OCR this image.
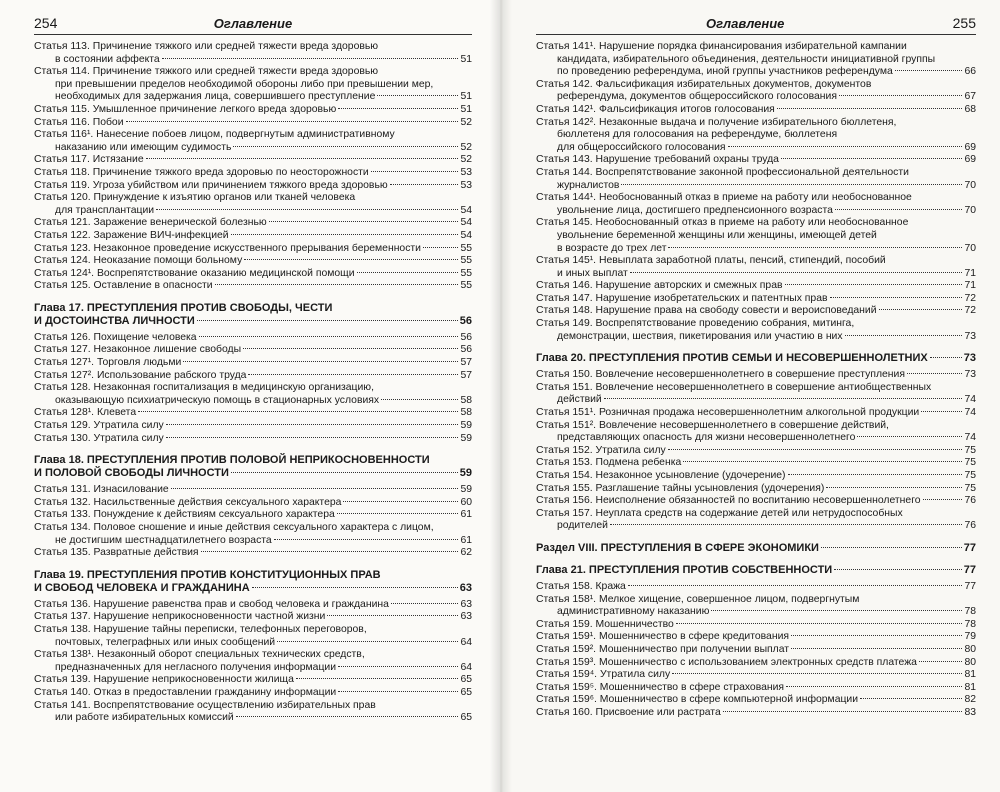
254	Оглавление
Статья 113. Причинение тяжкого или средней тяжести вреда здоровью
в состоянии аффекта	51
Статья 114. Причинение тяжкого или средней тяжести вреда здоровью
при превышении пределов необходимой обороны либо при превышении мер,
необходимых для задержания лица, совершившего преступление	51
Статья 115. Умышленное причинение легкого вреда здоровью	51
Статья 116. Побои	52
Статья 116¹. Нанесение побоев лицом, подвергнутым административному
наказанию или имеющим судимость	52
Статья 117. Истязание	52
Статья 118. Причинение тяжкого вреда здоровью по неосторожности	53
Статья 119. Угроза убийством или причинением тяжкого вреда здоровью	53
Статья 120. Принуждение к изъятию органов или тканей человека
для трансплантации	54
Статья 121. Заражение венерической болезнью	54
Статья 122. Заражение ВИЧ-инфекцией	54
Статья 123. Незаконное проведение искусственного прерывания беременности	55
Статья 124. Неоказание помощи больному	55
Статья 124¹. Воспрепятствование оказанию медицинской помощи	55
Статья 125. Оставление в опасности	55
Глава 17. ПРЕСТУПЛЕНИЯ ПРОТИВ СВОБОДЫ, ЧЕСТИ
И ДОСТОИНСТВА ЛИЧНОСТИ	56
Статья 126. Похищение человека	56
Статья 127. Незаконное лишение свободы	56
Статья 127¹. Торговля людьми	57
Статья 127². Использование рабского труда	57
Статья 128. Незаконная госпитализация в медицинскую организацию,
оказывающую психиатрическую помощь в стационарных условиях	58
Статья 128¹. Клевета	58
Статья 129. Утратила силу	59
Статья 130. Утратила силу	59
Глава 18. ПРЕСТУПЛЕНИЯ ПРОТИВ ПОЛОВОЙ НЕПРИКОСНОВЕННОСТИ
И ПОЛОВОЙ СВОБОДЫ ЛИЧНОСТИ	59
Статья 131. Изнасилование	59
Статья 132. Насильственные действия сексуального характера	60
Статья 133. Понуждение к действиям сексуального характера	61
Статья 134. Половое сношение и иные действия сексуального характера с лицом,
не достигшим шестнадцатилетнего возраста	61
Статья 135. Развратные действия	62
Глава 19. ПРЕСТУПЛЕНИЯ ПРОТИВ КОНСТИТУЦИОННЫХ ПРАВ
И СВОБОД ЧЕЛОВЕКА И ГРАЖДАНИНА	63
Статья 136. Нарушение равенства прав и свобод человека и гражданина	63
Статья 137. Нарушение неприкосновенности частной жизни	63
Статья 138. Нарушение тайны переписки, телефонных переговоров,
почтовых, телеграфных или иных сообщений	64
Статья 138¹. Незаконный оборот специальных технических средств,
предназначенных для негласного получения информации	64
Статья 139. Нарушение неприкосновенности жилища	65
Статья 140. Отказ в предоставлении гражданину информации	65
Статья 141. Воспрепятствование осуществлению избирательных прав
или работе избирательных комиссий	65
Оглавление	255
Статья 141¹. Нарушение порядка финансирования избирательной кампании
кандидата, избирательного объединения, деятельности инициативной группы
по проведению референдума, иной группы участников референдума	66
Статья 142. Фальсификация избирательных документов, документов
референдума, документов общероссийского голосования	67
Статья 142¹. Фальсификация итогов голосования	68
Статья 142². Незаконные выдача и получение избирательного бюллетеня,
бюллетеня для голосования на референдуме, бюллетеня
для общероссийского голосования	69
Статья 143. Нарушение требований охраны труда	69
Статья 144. Воспрепятствование законной профессиональной деятельности
журналистов	70
Статья 144¹. Необоснованный отказ в приеме на работу или необоснованное
увольнение лица, достигшего предпенсионного возраста	70
Статья 145. Необоснованный отказ в приеме на работу или необоснованное
увольнение беременной женщины или женщины, имеющей детей
в возрасте до трех лет	70
Статья 145¹. Невыплата заработной платы, пенсий, стипендий, пособий
и иных выплат	71
Статья 146. Нарушение авторских и смежных прав	71
Статья 147. Нарушение изобретательских и патентных прав	72
Статья 148. Нарушение права на свободу совести и вероисповеданий	72
Статья 149. Воспрепятствование проведению собрания, митинга,
демонстрации, шествия, пикетирования или участию в них	73
Глава 20. ПРЕСТУПЛЕНИЯ ПРОТИВ СЕМЬИ И НЕСОВЕРШЕННОЛЕТНИХ	73
Статья 150. Вовлечение несовершеннолетнего в совершение преступления	73
Статья 151. Вовлечение несовершеннолетнего в совершение антиобщественных
действий	74
Статья 151¹. Розничная продажа несовершеннолетним алкогольной продукции	74
Статья 151². Вовлечение несовершеннолетнего в совершение действий,
представляющих опасность для жизни несовершеннолетнего	74
Статья 152. Утратила силу	75
Статья 153. Подмена ребенка	75
Статья 154. Незаконное усыновление (удочерение)	75
Статья 155. Разглашение тайны усыновления (удочерения)	75
Статья 156. Неисполнение обязанностей по воспитанию несовершеннолетнего	76
Статья 157. Неуплата средств на содержание детей или нетрудоспособных
родителей	76
Раздел VIII. ПРЕСТУПЛЕНИЯ В СФЕРЕ ЭКОНОМИКИ	77
Глава 21. ПРЕСТУПЛЕНИЯ ПРОТИВ СОБСТВЕННОСТИ	77
Статья 158. Кража	77
Статья 158¹. Мелкое хищение, совершенное лицом, подвергнутым
административному наказанию	78
Статья 159. Мошенничество	78
Статья 159¹. Мошенничество в сфере кредитования	79
Статья 159². Мошенничество при получении выплат	80
Статья 159³. Мошенничество с использованием электронных средств платежа	80
Статья 159⁴. Утратила силу	81
Статья 159⁵. Мошенничество в сфере страхования	81
Статья 159⁶. Мошенничество в сфере компьютерной информации	82
Статья 160. Присвоение или растрата	83
